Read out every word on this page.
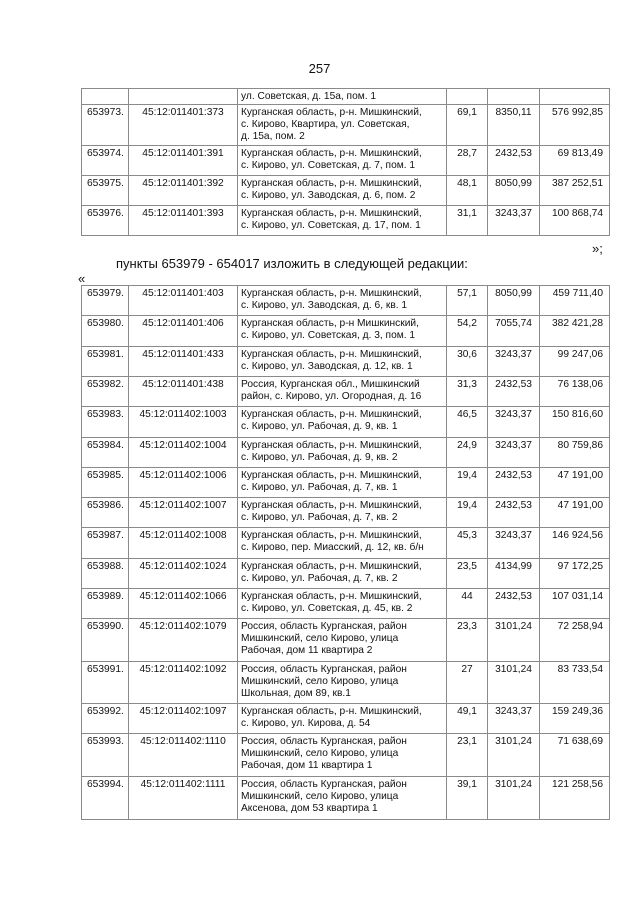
257

		ул. Советская, д. 15а, пом. 1			

653973.	45:12:011401:373	Курганская область, р-н. Мишкинский,
с. Кирово, Квартира, ул. Советская,
д. 15а, пом. 2	69,1	8350,11	576 992,85
653974.	45:12:011401:391	Курганская область, р-н. Мишкинский,
с. Кирово, ул. Советская, д. 7, пом. 1	28,7	2432,53	69 813,49
653975.	45:12:011401:392	Курганская область, р-н. Мишкинский,
с. Кирово, ул. Заводская, д. 6, пом. 2	48,1	8050,99	387 252,51
653976.	45:12:011401:393	Курганская область, р-н. Мишкинский,
с. Кирово, ул. Советская, д. 17, пом. 1	31,1	3243,37	100 868,74
»;
пункты 653979 - 654017 изложить в следующей редакции:
«
653979.	45:12:011401:403	Курганская область, р-н. Мишкинский,
с. Кирово, ул. Заводская, д. 6, кв. 1	57,1	8050,99	459 711,40
653980.	45:12:011401:406	Курганская область, р-н Мишкинский,
с. Кирово, ул. Советская, д. 3, пом. 1	54,2	7055,74	382 421,28
653981.	45:12:011401:433	Курганская область, р-н. Мишкинский,
с. Кирово, ул. Заводская, д. 12, кв. 1	30,6	3243,37	99 247,06
653982.	45:12:011401:438	Россия, Курганская обл., Мишкинский
район, с. Кирово, ул. Огородная, д. 16	31,3	2432,53	76 138,06
653983.	45:12:011402:1003	Курганская область, р-н. Мишкинский,
с. Кирово, ул. Рабочая, д. 9, кв. 1	46,5	3243,37	150 816,60
653984.	45:12:011402:1004	Курганская область, р-н. Мишкинский,
с. Кирово, ул. Рабочая, д. 9, кв. 2	24,9	3243,37	80 759,86
653985.	45:12:011402:1006	Курганская область, р-н. Мишкинский,
с. Кирово, ул. Рабочая, д. 7, кв. 1	19,4	2432,53	47 191,00
653986.	45:12:011402:1007	Курганская область, р-н. Мишкинский,
с. Кирово, ул. Рабочая, д. 7, кв. 2	19,4	2432,53	47 191,00
653987.	45:12:011402:1008	Курганская область, р-н. Мишкинский,
с. Кирово, пер. Миасский, д. 12, кв. б/н	45,3	3243,37	146 924,56
653988.	45:12:011402:1024	Курганская область, р-н. Мишкинский,
с. Кирово, ул. Рабочая, д. 7, кв. 2	23,5	4134,99	97 172,25
653989.	45:12:011402:1066	Курганская область, р-н. Мишкинский,
с. Кирово, ул. Советская, д. 45, кв. 2	44	2432,53	107 031,14
653990.	45:12:011402:1079	Россия, область Курганская, район
Мишкинский, село Кирово, улица
Рабочая, дом 11 квартира 2	23,3	3101,24	72 258,94
653991.	45:12:011402:1092	Россия, область Курганская, район
Мишкинский, село Кирово, улица
Школьная, дом 89, кв.1	27	3101,24	83 733,54
653992.	45:12:011402:1097	Курганская область, р-н. Мишкинский,
с. Кирово, ул. Кирова, д. 54	49,1	3243,37	159 249,36
653993.	45:12:011402:1110	Россия, область Курганская, район
Мишкинский, село Кирово, улица
Рабочая, дом 11 квартира 1	23,1	3101,24	71 638,69
653994.	45:12:011402:1111	Россия, область Курганская, район
Мишкинский, село Кирово, улица
Аксенова, дом 53 квартира 1	39,1	3101,24	121 258,56
